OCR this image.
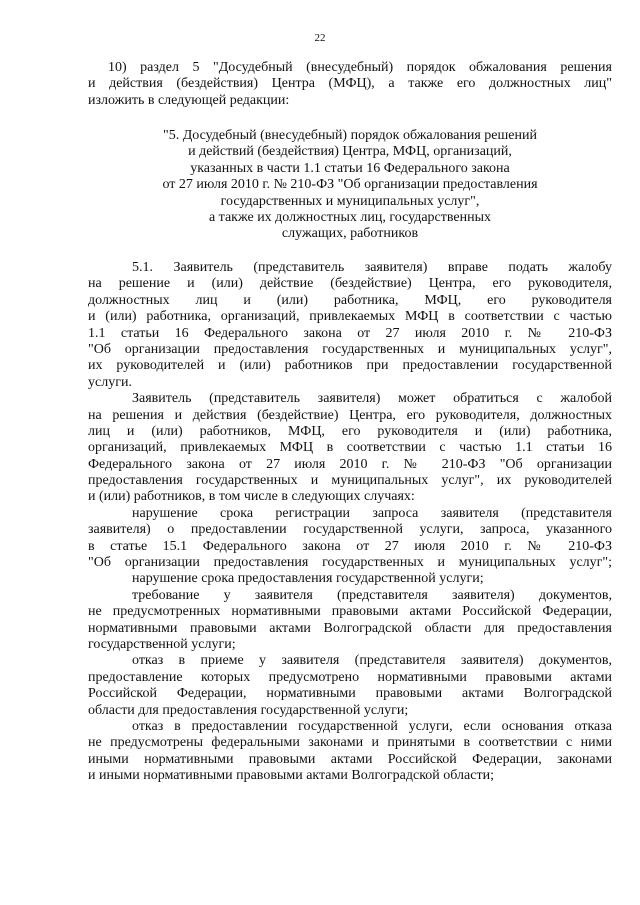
22
10) раздел 5 "Досудебный (внесудебный) порядок обжалования решения
и действия (бездействия) Центра (МФЦ), а также его должностных лиц"
изложить в следующей редакции:
"5. Досудебный (внесудебный) порядок обжалования решений
и действий (бездействия) Центра, МФЦ, организаций,
указанных в части 1.1 статьи 16 Федерального закона
от 27 июля 2010 г. № 210-ФЗ "Об организации предоставления
государственных и муниципальных услуг",
а также их должностных лиц, государственных
служащих, работников
5.1. Заявитель (представитель заявителя) вправе подать жалобу
на решение и (или) действие (бездействие) Центра, его руководителя,
должностных лиц и (или) работника, МФЦ, его руководителя
и (или) работника, организаций, привлекаемых МФЦ в соответствии с частью
1.1 статьи 16 Федерального закона от 27 июля 2010 г. № 210-ФЗ
"Об организации предоставления государственных и муниципальных услуг",
их руководителей и (или) работников при предоставлении государственной
услуги.
Заявитель (представитель заявителя) может обратиться с жалобой
на решения и действия (бездействие) Центра, его руководителя, должностных
лиц и (или) работников, МФЦ, его руководителя и (или) работника,
организаций, привлекаемых МФЦ в соответствии с частью 1.1 статьи 16
Федерального закона от 27 июля 2010 г. № 210-ФЗ "Об организации
предоставления государственных и муниципальных услуг", их руководителей
и (или) работников, в том числе в следующих случаях:
нарушение срока регистрации запроса заявителя (представителя
заявителя) о предоставлении государственной услуги, запроса, указанного
в статье 15.1 Федерального закона от 27 июля 2010 г. № 210-ФЗ
"Об организации предоставления государственных и муниципальных услуг";
нарушение срока предоставления государственной услуги;
требование у заявителя (представителя заявителя) документов,
не предусмотренных нормативными правовыми актами Российской Федерации,
нормативными правовыми актами Волгоградской области для предоставления
государственной услуги;
отказ в приеме у заявителя (представителя заявителя) документов,
предоставление которых предусмотрено нормативными правовыми актами
Российской Федерации, нормативными правовыми актами Волгоградской
области для предоставления государственной услуги;
отказ в предоставлении государственной услуги, если основания отказа
не предусмотрены федеральными законами и принятыми в соответствии с ними
иными нормативными правовыми актами Российской Федерации, законами
и иными нормативными правовыми актами Волгоградской области;
